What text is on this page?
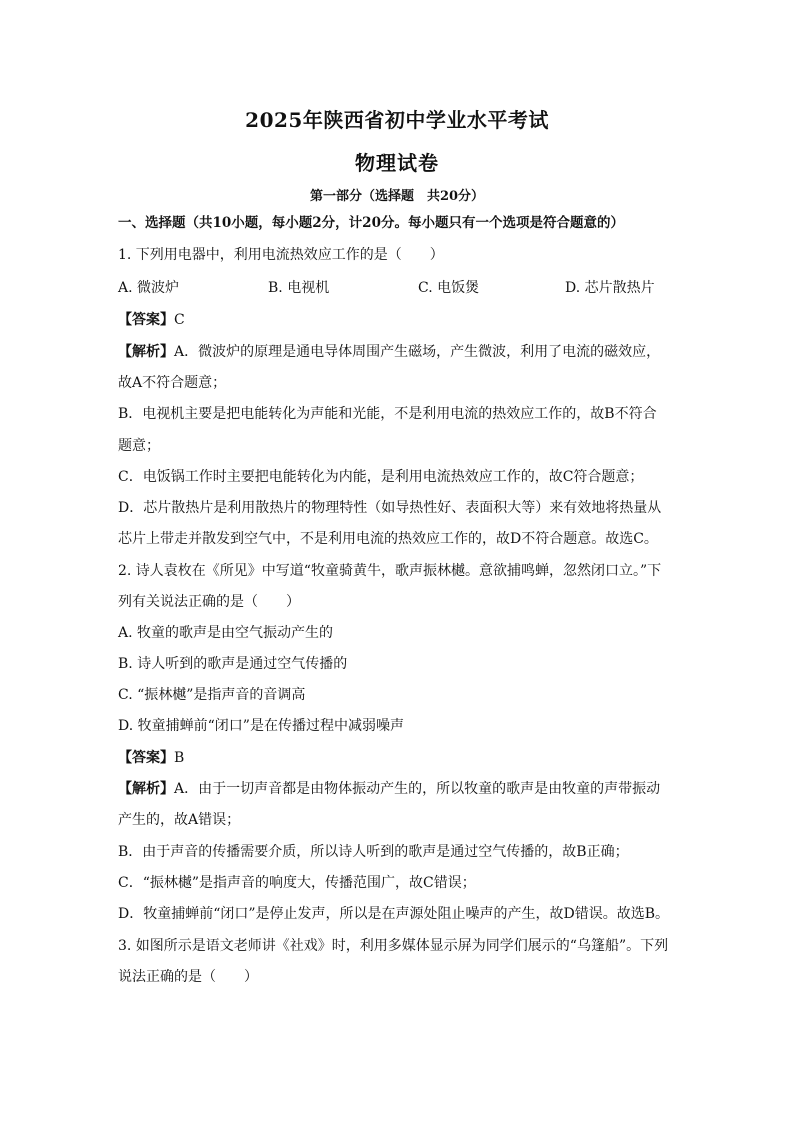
2025年陕西省初中学业水平考试
物理试卷
第一部分（选择题　共20分）
一、选择题（共10小题，每小题2分，计20分。每小题只有一个选项是符合题意的）
1. 下列用电器中，利用电流热效应工作的是（　　）
A. 微波炉	B. 电视机	C. 电饭煲	D. 芯片散热片
【答案】C
【解析】A．微波炉的原理是通电导体周围产生磁场，产生微波，利用了电流的磁效应，
故A不符合题意；
B．电视机主要是把电能转化为声能和光能，不是利用电流的热效应工作的，故B不符合
题意；
C．电饭锅工作时主要把电能转化为内能，是利用电流热效应工作的，故C符合题意；
D．芯片散热片是利用散热片的物理特性（如导热性好、表面积大等）来有效地将热量从
芯片上带走并散发到空气中，不是利用电流的热效应工作的，故D不符合题意。故选C。
2. 诗人袁枚在《所见》中写道“牧童骑黄牛，歌声振林樾。意欲捕鸣蝉，忽然闭口立。”下
列有关说法正确的是（　　）
A. 牧童的歌声是由空气振动产生的
B. 诗人听到的歌声是通过空气传播的
C. “振林樾”是指声音的音调高
D. 牧童捕蝉前“闭口”是在传播过程中减弱噪声
【答案】B
【解析】A．由于一切声音都是由物体振动产生的，所以牧童的歌声是由牧童的声带振动
产生的，故A错误；
B．由于声音的传播需要介质，所以诗人听到的歌声是通过空气传播的，故B正确；
C．“振林樾”是指声音的响度大，传播范围广，故C错误；
D．牧童捕蝉前“闭口”是停止发声，所以是在声源处阻止噪声的产生，故D错误。故选B。
3. 如图所示是语文老师讲《社戏》时，利用多媒体显示屏为同学们展示的“乌篷船”。下列
说法正确的是（　　）
